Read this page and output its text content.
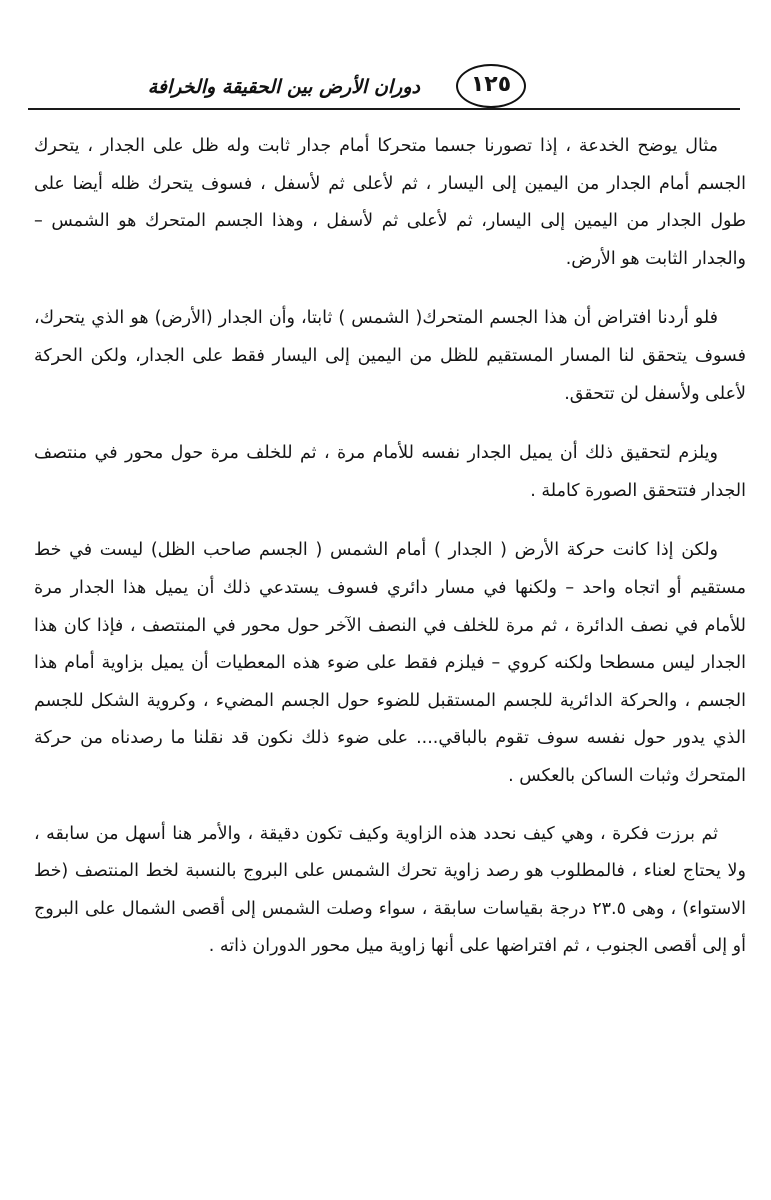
١٢٥
دوران الأرض بين الحقيقة والخرافة

مثال يوضح الخدعة ، إذا تصورنا جسما متحركا أمام جدار ثابت وله ظل على الجدار ، يتحرك الجسم أمام الجدار من اليمين إلى اليسار ، ثم لأعلى ثم لأسفل ، فسوف يتحرك ظله أيضا على طول الجدار من اليمين إلى اليسار، ثم لأعلى ثم لأسفل ، وهذا الجسم المتحرك هو الشمس – والجدار الثابت هو الأرض.

فلو أردنا افتراض أن هذا الجسم المتحرك( الشمس ) ثابتا، وأن الجدار (الأرض) هو الذي يتحرك، فسوف يتحقق لنا المسار المستقيم للظل من اليمين إلى اليسار فقط على الجدار، ولكن الحركة لأعلى ولأسفل لن تتحقق.

ويلزم لتحقيق ذلك أن يميل الجدار نفسه للأمام مرة ، ثم للخلف مرة حول محور في منتصف الجدار فتتحقق الصورة كاملة .

ولكن إذا كانت حركة الأرض ( الجدار ) أمام الشمس ( الجسم صاحب الظل) ليست في خط مستقيم أو اتجاه واحد – ولكنها في مسار دائري فسوف يستدعي ذلك أن يميل هذا الجدار مرة للأمام في نصف الدائرة ، ثم مرة للخلف في النصف الآخر حول محور في المنتصف ، فإذا كان هذا الجدار ليس مسطحا ولكنه كروي – فيلزم فقط على ضوء هذه المعطيات أن يميل بزاوية أمام هذا الجسم ، والحركة الدائرية للجسم المستقبل للضوء حول الجسم المضيء ، وكروية الشكل للجسم الذي يدور حول نفسه سوف تقوم بالباقي.... على ضوء ذلك نكون قد نقلنا ما رصدناه من حركة المتحرك وثبات الساكن بالعكس .

ثم برزت فكرة ، وهي كيف نحدد هذه الزاوية وكيف تكون دقيقة ، والأمر هنا أسهل من سابقه ، ولا يحتاج لعناء ، فالمطلوب هو رصد زاوية تحرك الشمس على البروج بالنسبة لخط المنتصف (خط الاستواء) ، وهى ٢٣.٥ درجة بقياسات سابقة ، سواء وصلت الشمس إلى أقصى الشمال على البروج أو إلى أقصى الجنوب ، ثم افتراضها على أنها زاوية ميل محور الدوران ذاته .
